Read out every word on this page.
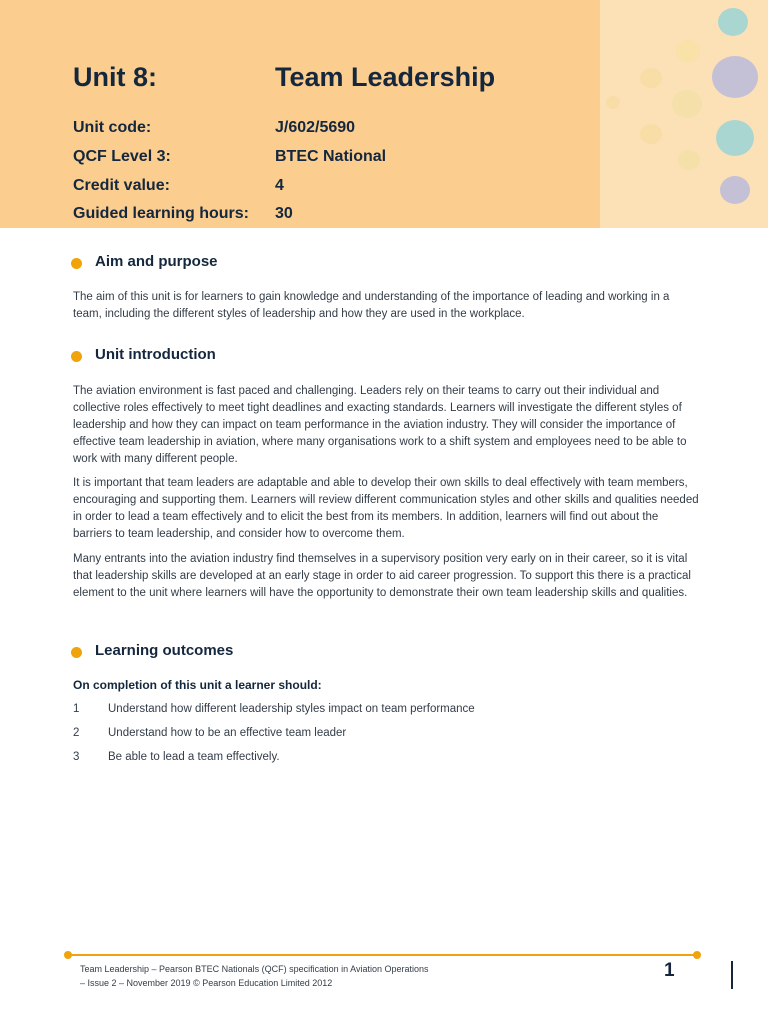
Unit 8:	Team Leadership
Unit code:	J/602/5690
QCF Level 3:	BTEC National
Credit value:	4
Guided learning hours: 30
Aim and purpose

The aim of this unit is for learners to gain knowledge and understanding of the importance of leading and working in a team, including the different styles of leadership and how they are used in the workplace.

Unit introduction

The aviation environment is fast paced and challenging. Leaders rely on their teams to carry out their individual and collective roles effectively to meet tight deadlines and exacting standards. Learners will investigate the different styles of leadership and how they can impact on team performance in the aviation industry. They will consider the importance of effective team leadership in aviation, where many organisations work to a shift system and employees need to be able to work with many different people.

It is important that team leaders are adaptable and able to develop their own skills to deal effectively with team members, encouraging and supporting them. Learners will review different communication styles and other skills and qualities needed in order to lead a team effectively and to elicit the best from its members. In addition, learners will find out about the barriers to team leadership, and consider how to overcome them.

Many entrants into the aviation industry find themselves in a supervisory position very early on in their career, so it is vital that leadership skills are developed at an early stage in order to aid career progression. To support this there is a practical element to the unit where learners will have the opportunity to demonstrate their own team leadership skills and qualities.

Learning outcomes
On completion of this unit a learner should:
1 Understand how different leadership styles impact on team performance
2 Understand how to be an effective team leader
3 Be able to lead a team effectively.
Team Leadership – Pearson BTEC Nationals (QCF) specification in Aviation Operations
– Issue 2 – November 2019 © Pearson Education Limited 2012
1
